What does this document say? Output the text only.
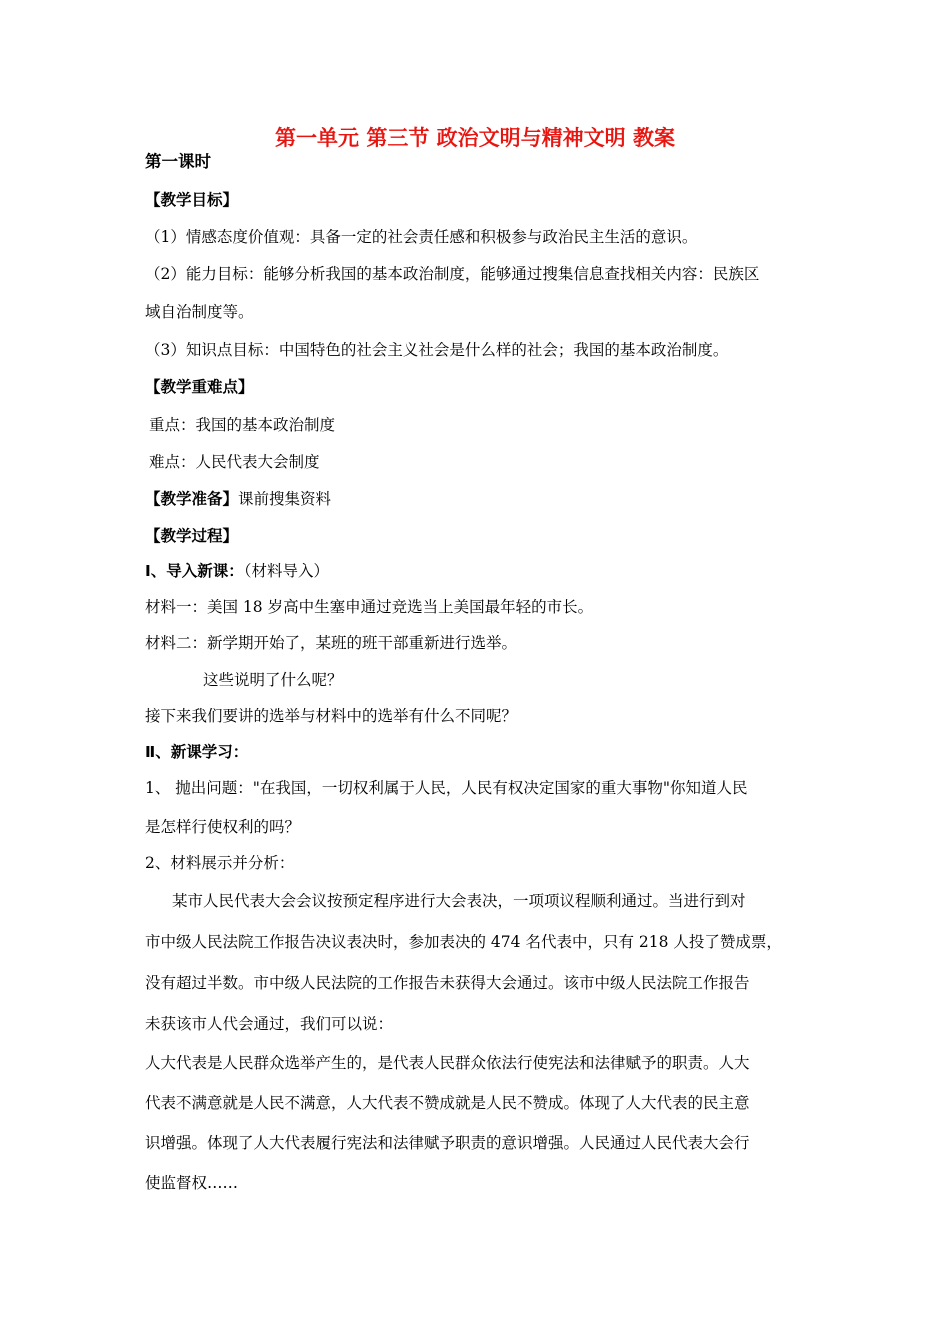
第一单元 第三节 政治文明与精神文明 教案
第一课时
【教学目标】
（1）情感态度价值观：具备一定的社会责任感和积极参与政治民主生活的意识。
（2）能力目标：能够分析我国的基本政治制度，能够通过搜集信息查找相关内容：民族区
域自治制度等。
（3）知识点目标：中国特色的社会主义社会是什么样的社会；我国的基本政治制度。
【教学重难点】
重点：我国的基本政治制度
难点：人民代表大会制度
【教学准备】课前搜集资料
【教学过程】
Ⅰ、导入新课：（材料导入）
材料一：美国 18 岁高中生塞申通过竞选当上美国最年轻的市长。
材料二：新学期开始了，某班的班干部重新进行选举。
这些说明了什么呢？
接下来我们要讲的选举与材料中的选举有什么不同呢？
Ⅱ、新课学习：
1、 抛出问题："在我国，一切权利属于人民，人民有权决定国家的重大事物"你知道人民
是怎样行使权利的吗？
2、材料展示并分析：
某市人民代表大会会议按预定程序进行大会表决，一项项议程顺利通过。当进行到对
市中级人民法院工作报告决议表决时，参加表决的 474 名代表中，只有 218 人投了赞成票，
没有超过半数。市中级人民法院的工作报告未获得大会通过。该市中级人民法院工作报告
未获该市人代会通过，我们可以说：
人大代表是人民群众选举产生的，是代表人民群众依法行使宪法和法律赋予的职责。人大
代表不满意就是人民不满意，人大代表不赞成就是人民不赞成。体现了人大代表的民主意
识增强。体现了人大代表履行宪法和法律赋予职责的意识增强。人民通过人民代表大会行
使监督权……
